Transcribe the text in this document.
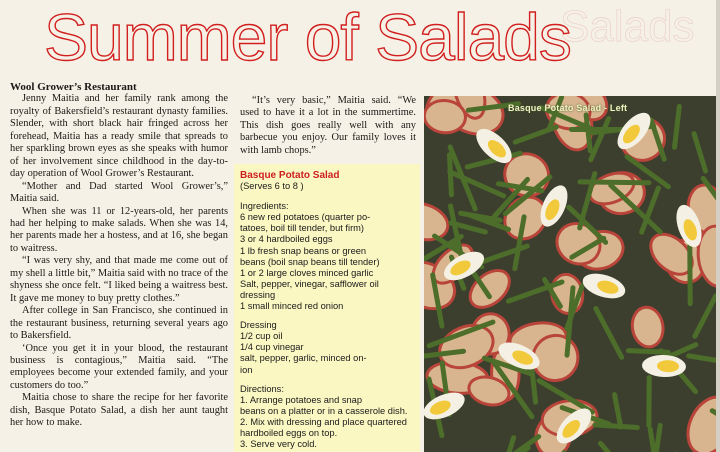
Salads
Summer of Salads
Wool Grower’s Restaurant

Jenny Maitia and her family rank among the royalty of Bakersfield’s restaurant dynasty families. Slender, with short black hair fringed across her forehead, Maitia has a ready smile that spreads to her sparkling brown eyes as she speaks with humor of her involvement since childhood in the day-to-day operation of Wool Grower’s Restaurant.

“Mother and Dad started Wool Grower’s,” Maitia said.

When she was 11 or 12-years-old, her parents had her helping to make salads. When she was 14, her parents made her a hostess, and at 16, she began to waitress.

“I was very shy, and that made me come out of my shell a little bit,” Maitia said with no trace of the shyness she once felt. “I liked being a waitress best. It gave me money to buy pretty clothes.”

After college in San Francisco, she continued in the restaurant business, returning several years ago to Bakersfield.

‘Once you get it in your blood, the restaurant business is contagious,” Maitia said. “The employees become your extended family, and your customers do too.”

Maitia chose to share the recipe for her favorite dish, Basque Potato Salad, a dish her aunt taught her how to make.

“It’s very basic,” Maitia said. “We used to have it a lot in the summertime. This dish goes really well with any barbecue you enjoy. Our family loves it with lamb chops.”

Basque Potato Salad
(Serves 6 to 8 )
Ingredients:
6 new red potatoes (quarter po-
tatoes, boil till tender, but firm)
3 or 4 hardboiled eggs
1 lb fresh snap beans or green
beans (boil snap beans till tender)
1 or 2 large cloves minced garlic
Salt, pepper, vinegar, safflower oil
dressing
1 small minced red onion
Dressing
1/2 cup oil
1/4 cup vinegar
salt, pepper, garlic, minced on-
ion
Directions:
1. Arrange potatoes and snap
beans on a platter or in a casserole dish.
2. Mix with dressing and place quartered
hardboiled eggs on top.
3. Serve very cold.
Basque Potato Salad - Left
